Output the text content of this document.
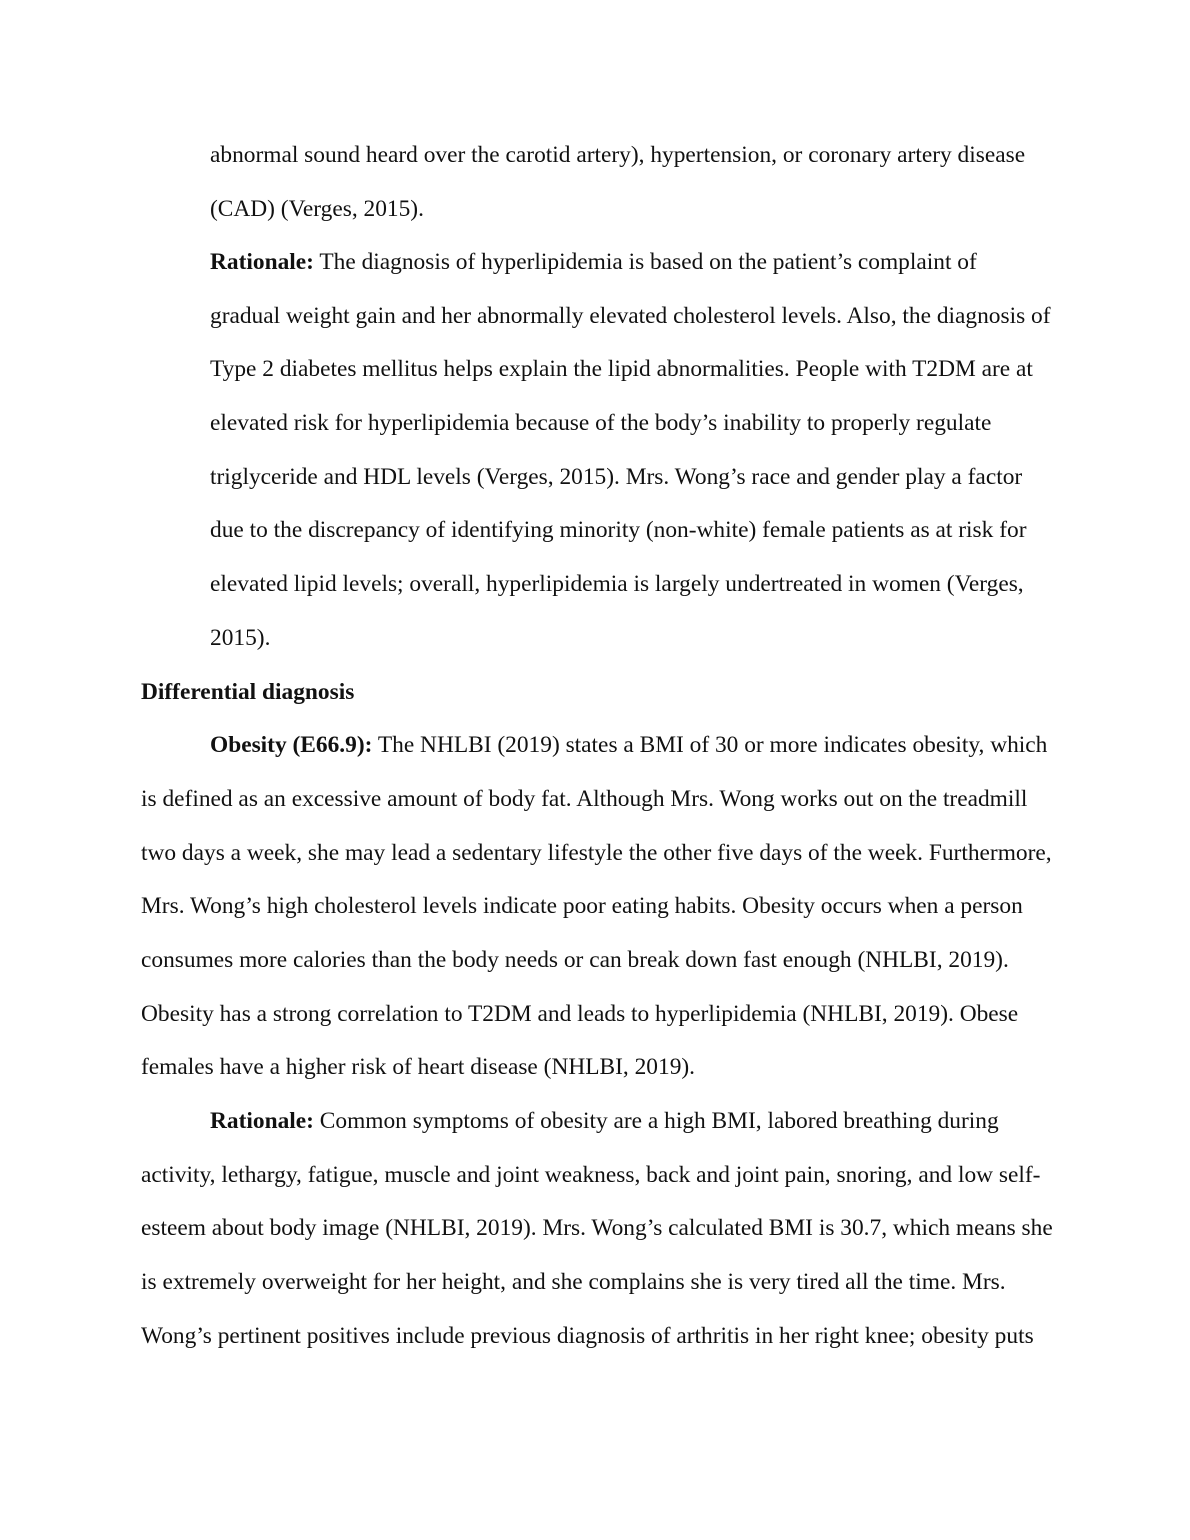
abnormal sound heard over the carotid artery), hypertension, or coronary artery disease
(CAD) (Verges, 2015).
Rationale: The diagnosis of hyperlipidemia is based on the patient’s complaint of
gradual weight gain and her abnormally elevated cholesterol levels. Also, the diagnosis of
Type 2 diabetes mellitus helps explain the lipid abnormalities. People with T2DM are at
elevated risk for hyperlipidemia because of the body’s inability to properly regulate
triglyceride and HDL levels (Verges, 2015). Mrs. Wong’s race and gender play a factor
due to the discrepancy of identifying minority (non-white) female patients as at risk for
elevated lipid levels; overall, hyperlipidemia is largely undertreated in women (Verges,
2015).
Differential diagnosis
Obesity (E66.9): The NHLBI (2019) states a BMI of 30 or more indicates obesity, which
is defined as an excessive amount of body fat. Although Mrs. Wong works out on the treadmill
two days a week, she may lead a sedentary lifestyle the other five days of the week. Furthermore,
Mrs. Wong’s high cholesterol levels indicate poor eating habits. Obesity occurs when a person
consumes more calories than the body needs or can break down fast enough (NHLBI, 2019).
Obesity has a strong correlation to T2DM and leads to hyperlipidemia (NHLBI, 2019). Obese
females have a higher risk of heart disease (NHLBI, 2019).
Rationale: Common symptoms of obesity are a high BMI, labored breathing during
activity, lethargy, fatigue, muscle and joint weakness, back and joint pain, snoring, and low self-
esteem about body image (NHLBI, 2019). Mrs. Wong’s calculated BMI is 30.7, which means she
is extremely overweight for her height, and she complains she is very tired all the time. Mrs.
Wong’s pertinent positives include previous diagnosis of arthritis in her right knee; obesity puts
